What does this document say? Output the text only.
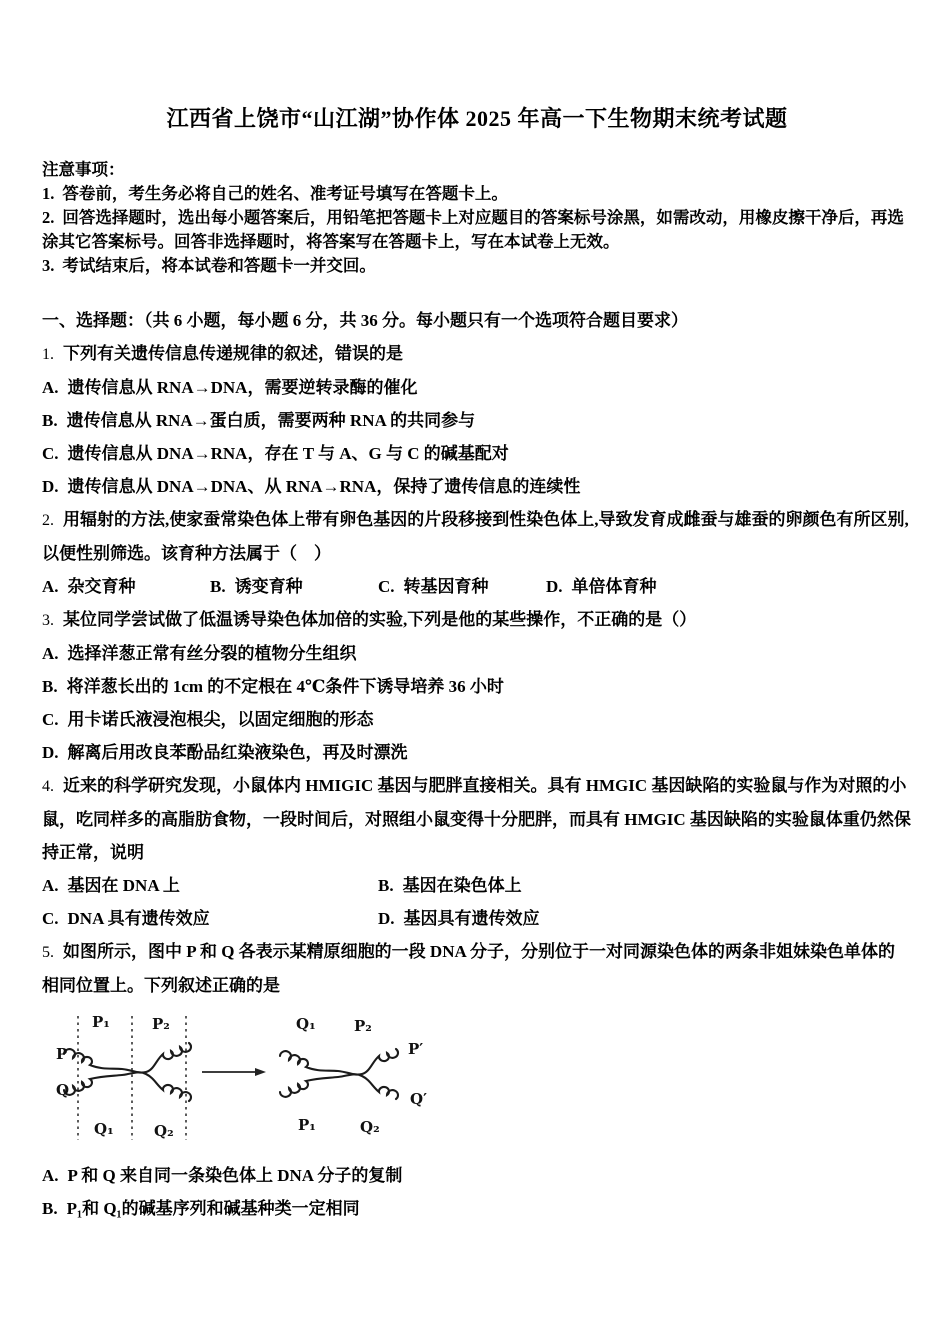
江西省上饶市“山江湖”协作体 2025 年高一下生物期末统考试题

注意事项：

1. 答卷前，考生务必将自己的姓名、准考证号填写在答题卡上。

2. 回答选择题时，选出每小题答案后，用铅笔把答题卡上对应题目的答案标号涂黑，如需改动，用橡皮擦干净后，再选涂其它答案标号。回答非选择题时，将答案写在答题卡上，写在本试卷上无效。

3. 考试结束后，将本试卷和答题卡一并交回。

一、选择题：（共 6 小题，每小题 6 分，共 36 分。每小题只有一个选项符合题目要求）

1. 下列有关遗传信息传递规律的叙述，错误的是

A. 遗传信息从 RNA→DNA，需要逆转录酶的催化

B. 遗传信息从 RNA→蛋白质，需要两种 RNA 的共同参与

C. 遗传信息从 DNA→RNA，存在 T 与 A、G 与 C 的碱基配对

D. 遗传信息从 DNA→DNA、从 RNA→RNA，保持了遗传信息的连续性

2. 用辐射的方法,使家蚕常染色体上带有卵色基因的片段移接到性染色体上,导致发育成雌蚕与雄蚕的卵颜色有所区别,以便性别筛选。该育种方法属于（　）

A. 杂交育种	B. 诱变育种	C. 转基因育种	D. 单倍体育种

3. 某位同学尝试做了低温诱导染色体加倍的实验,下列是他的某些操作，不正确的是（）

A. 选择洋葱正常有丝分裂的植物分生组织

B. 将洋葱长出的 1cm 的不定根在 4℃条件下诱导培养 36 小时

C. 用卡诺氏液浸泡根尖，以固定细胞的形态

D. 解离后用改良苯酚品红染液染色，再及时漂洗

4. 近来的科学研究发现，小鼠体内 HMIGIC 基因与肥胖直接相关。具有 HMGIC 基因缺陷的实验鼠与作为对照的小鼠，吃同样多的高脂肪食物，一段时间后，对照组小鼠变得十分肥胖，而具有 HMGIC 基因缺陷的实验鼠体重仍然保持正常，说明

A. 基因在 DNA 上	B. 基因在染色体上

C. DNA 具有遗传效应	D. 基因具有遗传效应

5. 如图所示，图中 P 和 Q 各表示某精原细胞的一段 DNA 分子，分别位于一对同源染色体的两条非姐妹染色单体的相同位置上。下列叙述正确的是

P
Q
P₁	P₂
Q₁	Q₂
Q₁	P₂
P′
Q′
P₁	Q₂

A. P 和 Q 来自同一条染色体上 DNA 分子的复制

B. P₁和 Q₁的碱基序列和碱基种类一定相同
